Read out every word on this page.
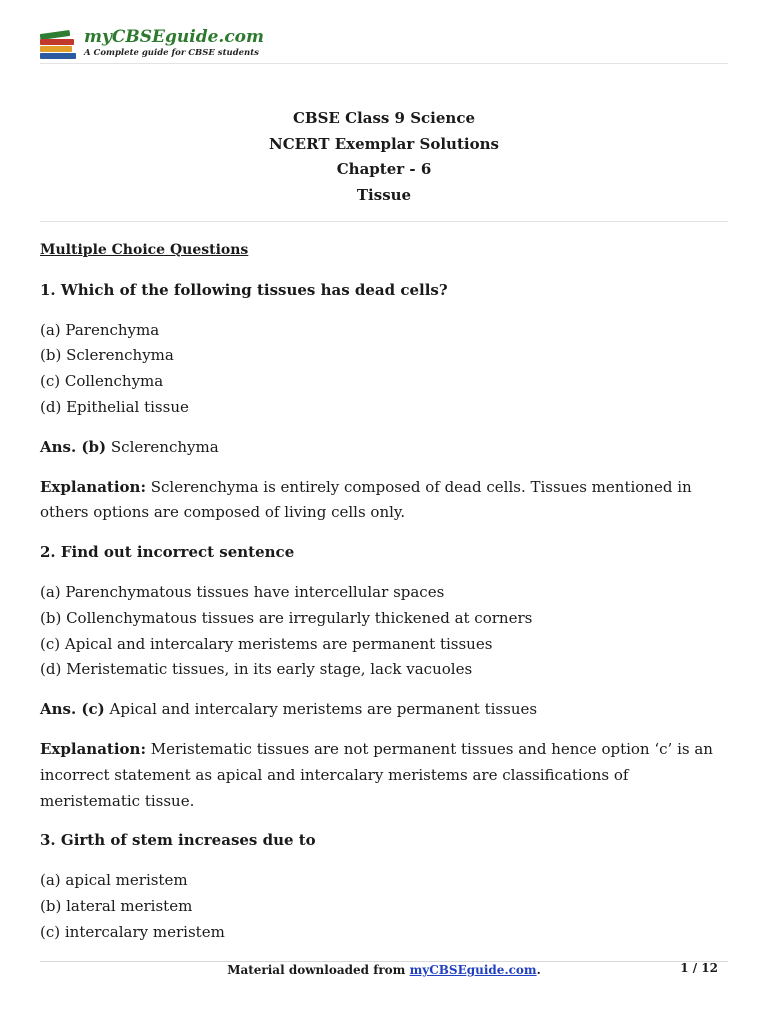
myCBSEguide.com
A Complete guide for CBSE students
CBSE Class 9 Science
NCERT Exemplar Solutions
Chapter - 6
Tissue
Multiple Choice Questions
1. Which of the following tissues has dead cells?
(a) Parenchyma
(b) Sclerenchyma
(c) Collenchyma
(d) Epithelial tissue
Ans. (b) Sclerenchyma
Explanation: Sclerenchyma is entirely composed of dead cells. Tissues mentioned in others options are composed of living cells only.
2. Find out incorrect sentence
(a) Parenchymatous tissues have intercellular spaces
(b) Collenchymatous tissues are irregularly thickened at corners
(c) Apical and intercalary meristems are permanent tissues
(d) Meristematic tissues, in its early stage, lack vacuoles
Ans. (c) Apical and intercalary meristems are permanent tissues
Explanation: Meristematic tissues are not permanent tissues and hence option ‘c’ is an incorrect statement as apical and intercalary meristems are classifications of meristematic tissue.
3. Girth of stem increases due to
(a) apical meristem
(b) lateral meristem
(c) intercalary meristem
Material downloaded from myCBSEguide.com.	1 / 12
